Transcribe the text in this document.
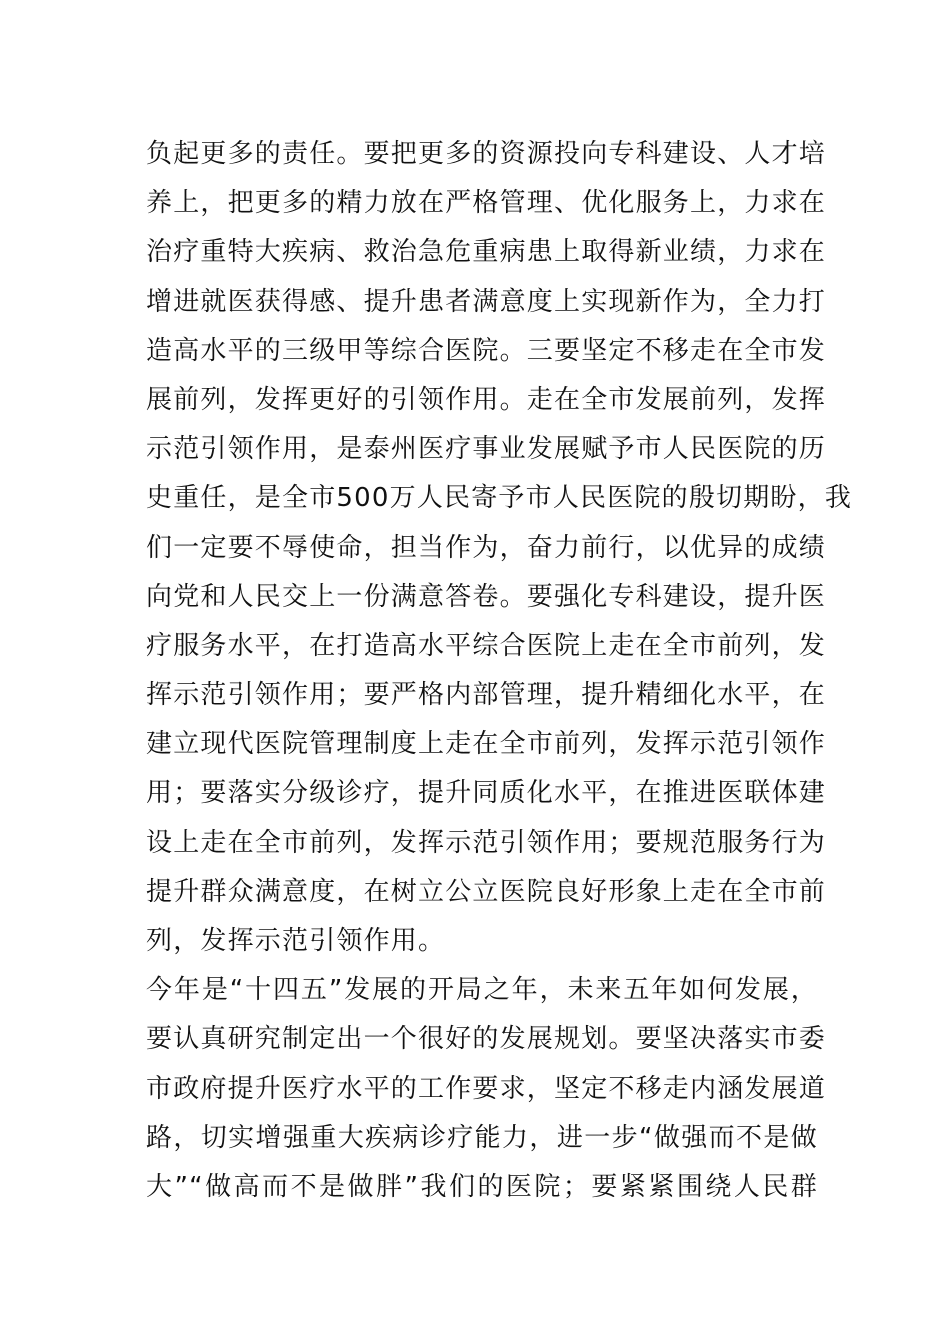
负起更多的责任。要把更多的资源投向专科建设、人才培
养上，把更多的精力放在严格管理、优化服务上，力求在
治疗重特大疾病、救治急危重病患上取得新业绩，力求在
增进就医获得感、提升患者满意度上实现新作为，全力打
造高水平的三级甲等综合医院。三要坚定不移走在全市发
展前列，发挥更好的引领作用。走在全市发展前列，发挥
示范引领作用，是泰州医疗事业发展赋予市人民医院的历
史重任，是全市500万人民寄予市人民医院的殷切期盼，我
们一定要不辱使命，担当作为，奋力前行，以优异的成绩
向党和人民交上一份满意答卷。要强化专科建设，提升医
疗服务水平，在打造高水平综合医院上走在全市前列，发
挥示范引领作用；要严格内部管理，提升精细化水平，在
建立现代医院管理制度上走在全市前列，发挥示范引领作
用；要落实分级诊疗，提升同质化水平，在推进医联体建
设上走在全市前列，发挥示范引领作用；要规范服务行为
提升群众满意度，在树立公立医院良好形象上走在全市前
列，发挥示范引领作用。
今年是“十四五”发展的开局之年，未来五年如何发展，
要认真研究制定出一个很好的发展规划。要坚决落实市委
市政府提升医疗水平的工作要求，坚定不移走内涵发展道
路，切实增强重大疾病诊疗能力，进一步“做强而不是做
大”“做高而不是做胖”我们的医院；要紧紧围绕人民群
